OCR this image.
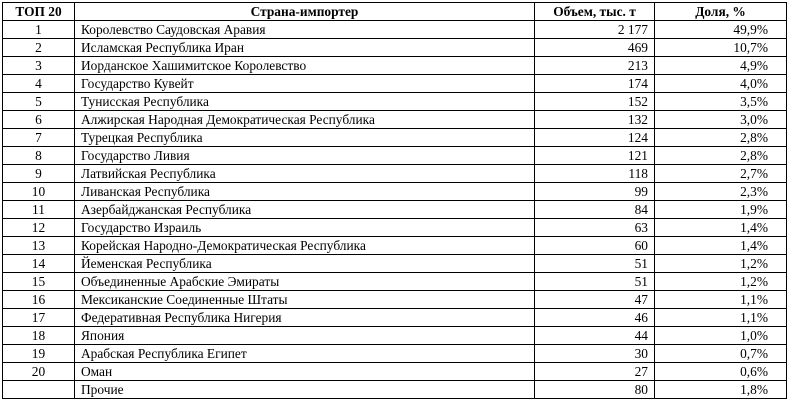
ТОП 20	Страна-импортер	Объем, тыс. т	Доля, %
1	Королевство Саудовская Аравия	2 177	49,9%
2	Исламская Республика Иран	469	10,7%
3	Иорданское Хашимитское Королевство	213	4,9%
4	Государство Кувейт	174	4,0%
5	Тунисская Республика	152	3,5%
6	Алжирская Народная Демократическая Республика	132	3,0%
7	Турецкая Республика	124	2,8%
8	Государство Ливия	121	2,8%
9	Латвийская Республика	118	2,7%
10	Ливанская Республика	99	2,3%
11	Азербайджанская Республика	84	1,9%
12	Государство Израиль	63	1,4%
13	Корейская Народно-Демократическая Республика	60	1,4%
14	Йеменская Республика	51	1,2%
15	Объединенные Арабские Эмираты	51	1,2%
16	Мексиканские Соединенные Штаты	47	1,1%
17	Федеративная Республика Нигерия	46	1,1%
18	Япония	44	1,0%
19	Арабская Республика Египет	30	0,7%
20	Оман	27	0,6%
	Прочие	80	1,8%
